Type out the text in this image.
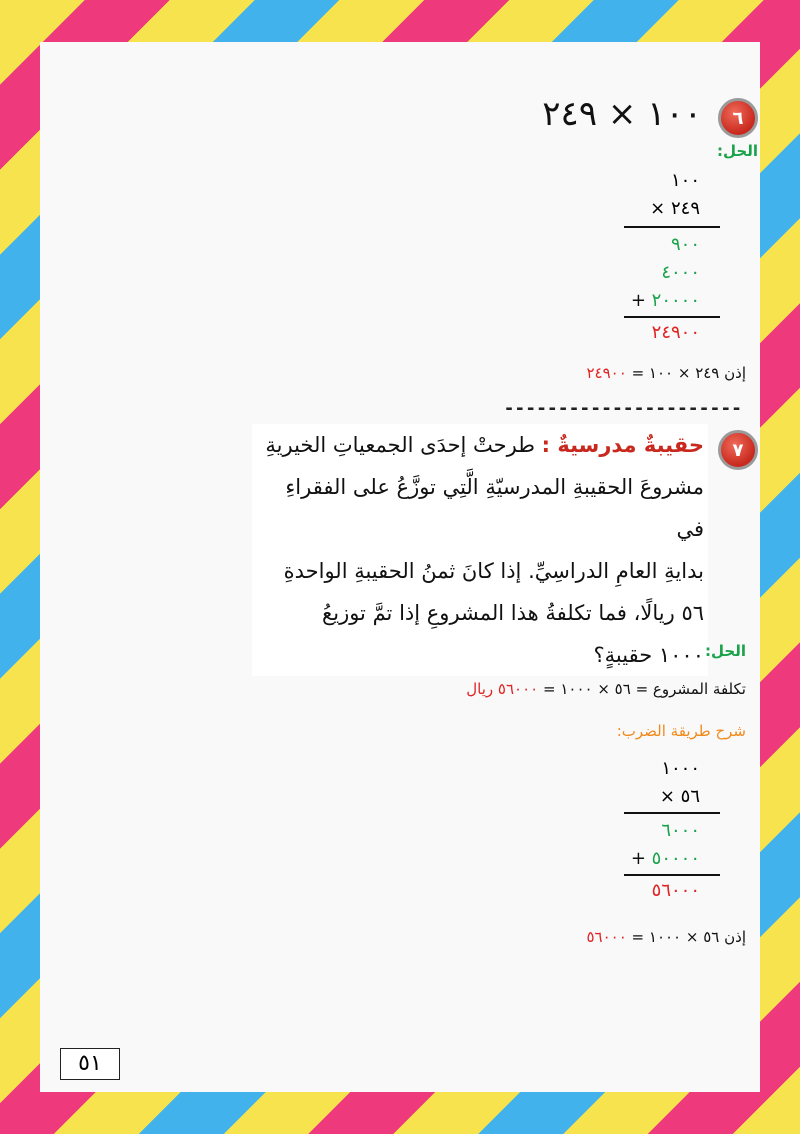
٦
١٠٠ × ٢٤٩
الحل:
١٠٠
× ٢٤٩
٩٠٠
٤٠٠٠
+ ٢٠٠٠٠
٢٤٩٠٠
إذن ٢٤٩ × ١٠٠ = ٢٤٩٠٠
----------------------
٧
حقيبةٌ مدرسيةٌ : طرحتْ إحدَى الجمعياتِ الخيريةِ
مشروعَ الحقيبةِ المدرسيّةِ الَّتِي توزَّعُ على الفقراءِ في
بدايةِ العامِ الدراسِيِّ. إذا كانَ ثمنُ الحقيبةِ الواحدةِ
٥٦ ريالًا، فما تكلفةُ هذا المشروعِ إذا تمَّ توزيعُ
١٠٠٠ حقيبةٍ؟ الحل:
تكلفة المشروع = ٥٦ × ١٠٠٠ = ٥٦٠٠٠ ريال
شرح طريقة الضرب:
١٠٠٠
× ٥٦
٦٠٠٠
+ ٥٠٠٠٠
٥٦٠٠٠
إذن ٥٦ × ١٠٠٠ = ٥٦٠٠٠
٥١
